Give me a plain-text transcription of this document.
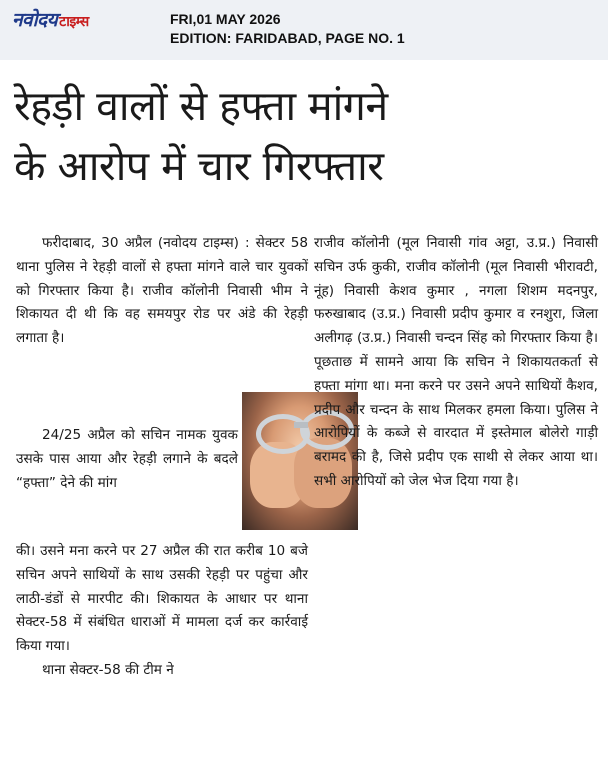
नवोदय टाइम्स	FRI,01 MAY 2026
EDITION: FARIDABAD, PAGE NO. 1
रेहड़ी वालों से हफ्ता मांगने
के आरोप में चार गिरफ्तार

फरीदाबाद, 30 अप्रैल (नवोदय टाइम्स) : सेक्टर 58 थाना पुलिस ने रेहड़ी वालों से हफ्ता मांगने वाले चार युवकों को गिरफ्तार किया है। राजीव कॉलोनी निवासी भीम ने शिकायत दी थी कि वह समयपुर रोड पर अंडे की रेहड़ी लगाता है।

24/25 अप्रैल को सचिन नामक युवक उसके पास आया और रेहड़ी लगाने के बदले “हफ्ता” देने की मांग

की। उसने मना करने पर 27 अप्रैल की रात करीब 10 बजे सचिन अपने साथियों के साथ उसकी रेहड़ी पर पहुंचा और लाठी-डंडों से मारपीट की। शिकायत के आधार पर थाना सेक्टर-58 में संबंधित धाराओं में मामला दर्ज कर कार्रवाई किया गया।

थाना सेक्टर-58 की टीम ने

राजीव कॉलोनी (मूल निवासी गांव अट्टा, उ.प्र.) निवासी सचिन उर्फ कुकी, राजीव कॉलोनी (मूल निवासी भीरावटी, नूंह) निवासी केशव कुमार , नगला शिशम मदनपुर, फरुखाबाद (उ.प्र.) निवासी प्रदीप कुमार व रनशुरा, जिला अलीगढ़ (उ.प्र.) निवासी चन्दन सिंह को गिरफ्तार किया है। पूछताछ में सामने आया कि सचिन ने शिकायतकर्ता से हफ्ता मांगा था। मना करने पर उसने अपने साथियों कैशव, प्रदीप और चन्दन के साथ मिलकर हमला किया। पुलिस ने आरोपियों के कब्जे से वारदात में इस्तेमाल बोलेरो गाड़ी बरामद की है, जिसे प्रदीप एक साथी से लेकर आया था। सभी आरोपियों को जेल भेज दिया गया है।
